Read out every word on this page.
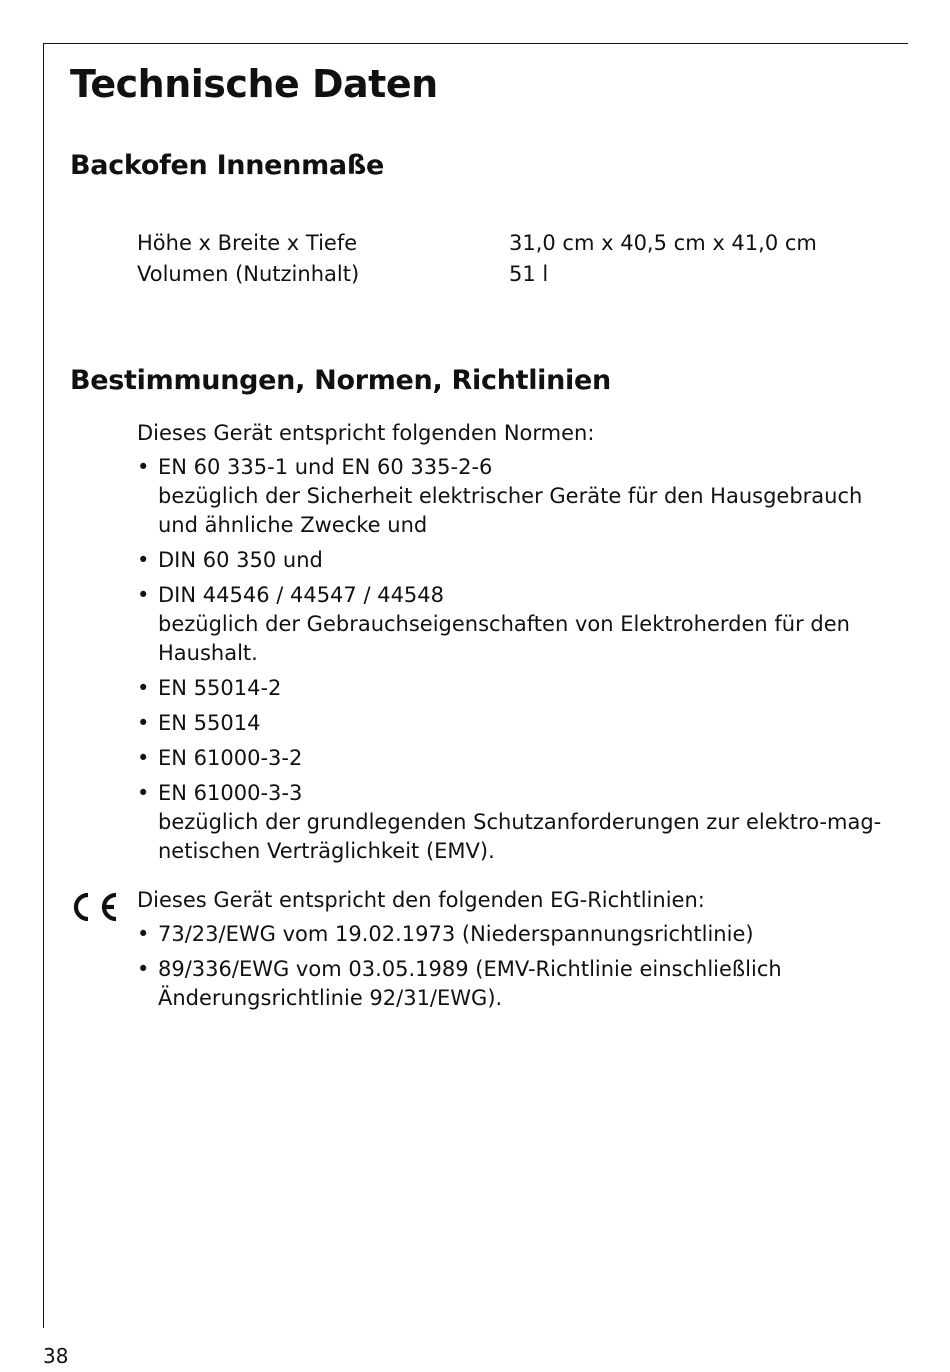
Technische Daten
Backofen Innenmaße
Höhe x Breite x Tiefe	31,0 cm x 40,5 cm x 41,0 cm
Volumen (Nutzinhalt)	51 l
Bestimmungen, Normen, Richtlinien
Dieses Gerät entspricht folgenden Normen:
• EN 60 335-1 und EN 60 335-2-6
bezüglich der Sicherheit elektrischer Geräte für den Hausgebrauch und ähnliche Zwecke und
• DIN 60 350 und
• DIN 44546 / 44547 / 44548
bezüglich der Gebrauchseigenschaften von Elektroherden für den Haushalt.
• EN 55014-2
• EN 55014
• EN 61000-3-2
• EN 61000-3-3
bezüglich der grundlegenden Schutzanforderungen zur elektro-mag-netischen Verträglichkeit (EMV).
Dieses Gerät entspricht den folgenden EG-Richtlinien:
• 73/23/EWG vom 19.02.1973 (Niederspannungsrichtlinie)
• 89/336/EWG vom 03.05.1989 (EMV-Richtlinie einschließlich Änderungsrichtlinie 92/31/EWG).
38
